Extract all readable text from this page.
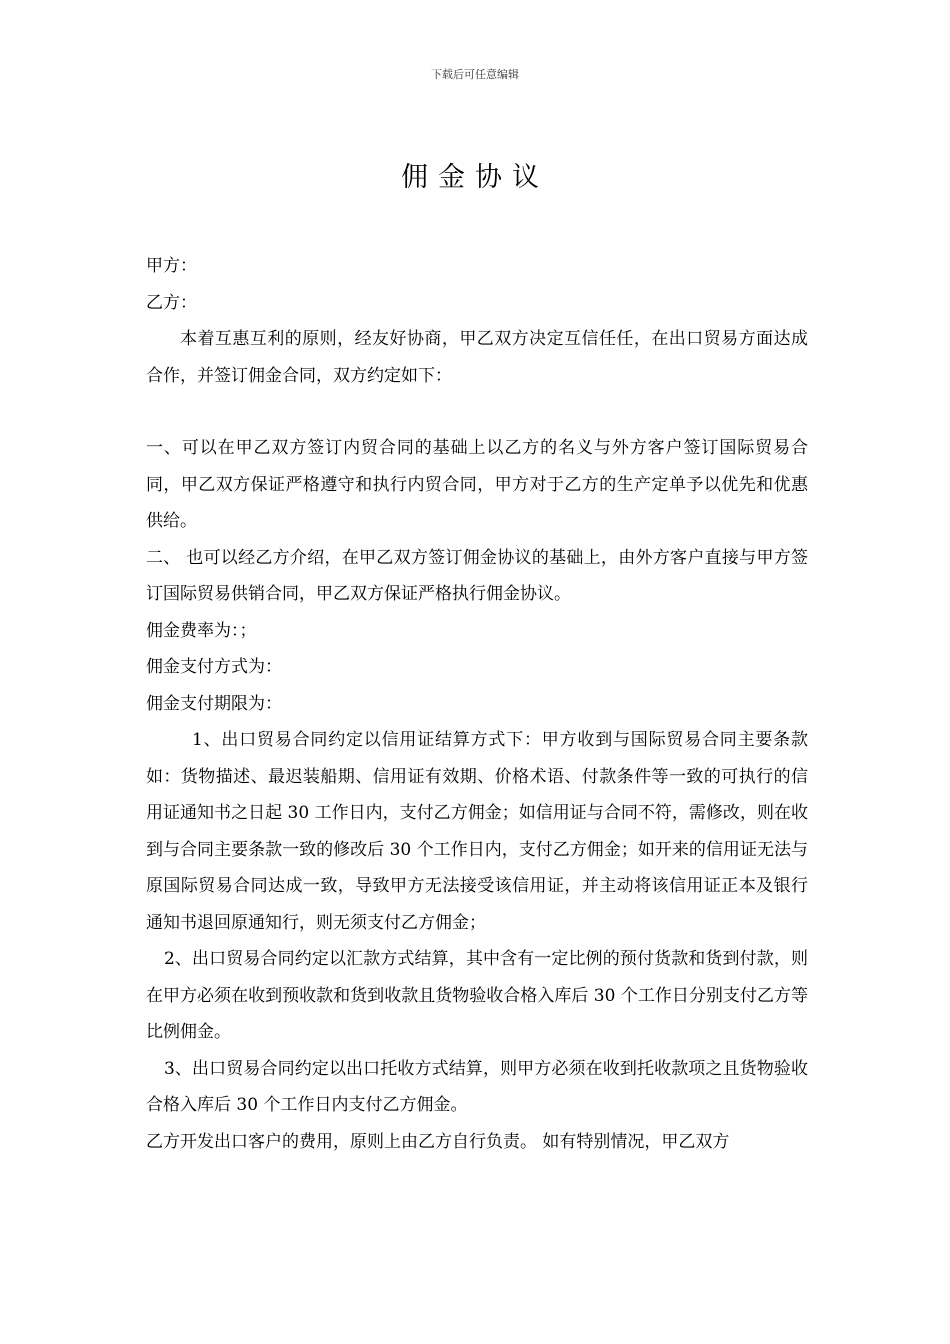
下载后可任意编辑
佣金协议

甲方：

乙方：

本着互惠互利的原则，经友好协商，甲乙双方决定互信任任，在出口贸易方面达成合作，并签订佣金合同，双方约定如下：

一、可以在甲乙双方签订内贸合同的基础上以乙方的名义与外方客户签订国际贸易合同，甲乙双方保证严格遵守和执行内贸合同，甲方对于乙方的生产定单予以优先和优惠供给。

二、 也可以经乙方介绍，在甲乙双方签订佣金协议的基础上，由外方客户直接与甲方签订国际贸易供销合同，甲乙双方保证严格执行佣金协议。

佣金费率为：；

佣金支付方式为：

佣金支付期限为：

1、出口贸易合同约定以信用证结算方式下：甲方收到与国际贸易合同主要条款如：货物描述、最迟装船期、信用证有效期、价格术语、付款条件等一致的可执行的信用证通知书之日起 30 工作日内，支付乙方佣金；如信用证与合同不符，需修改，则在收到与合同主要条款一致的修改后 30 个工作日内，支付乙方佣金；如开来的信用证无法与原国际贸易合同达成一致，导致甲方无法接受该信用证，并主动将该信用证正本及银行通知书退回原通知行，则无须支付乙方佣金；

2、出口贸易合同约定以汇款方式结算，其中含有一定比例的预付货款和货到付款，则在甲方必须在收到预收款和货到收款且货物验收合格入库后 30 个工作日分别支付乙方等比例佣金。

3、出口贸易合同约定以出口托收方式结算，则甲方必须在收到托收款项之且货物验收合格入库后 30 个工作日内支付乙方佣金。

乙方开发出口客户的费用，原则上由乙方自行负责。 如有特别情况，甲乙双方
